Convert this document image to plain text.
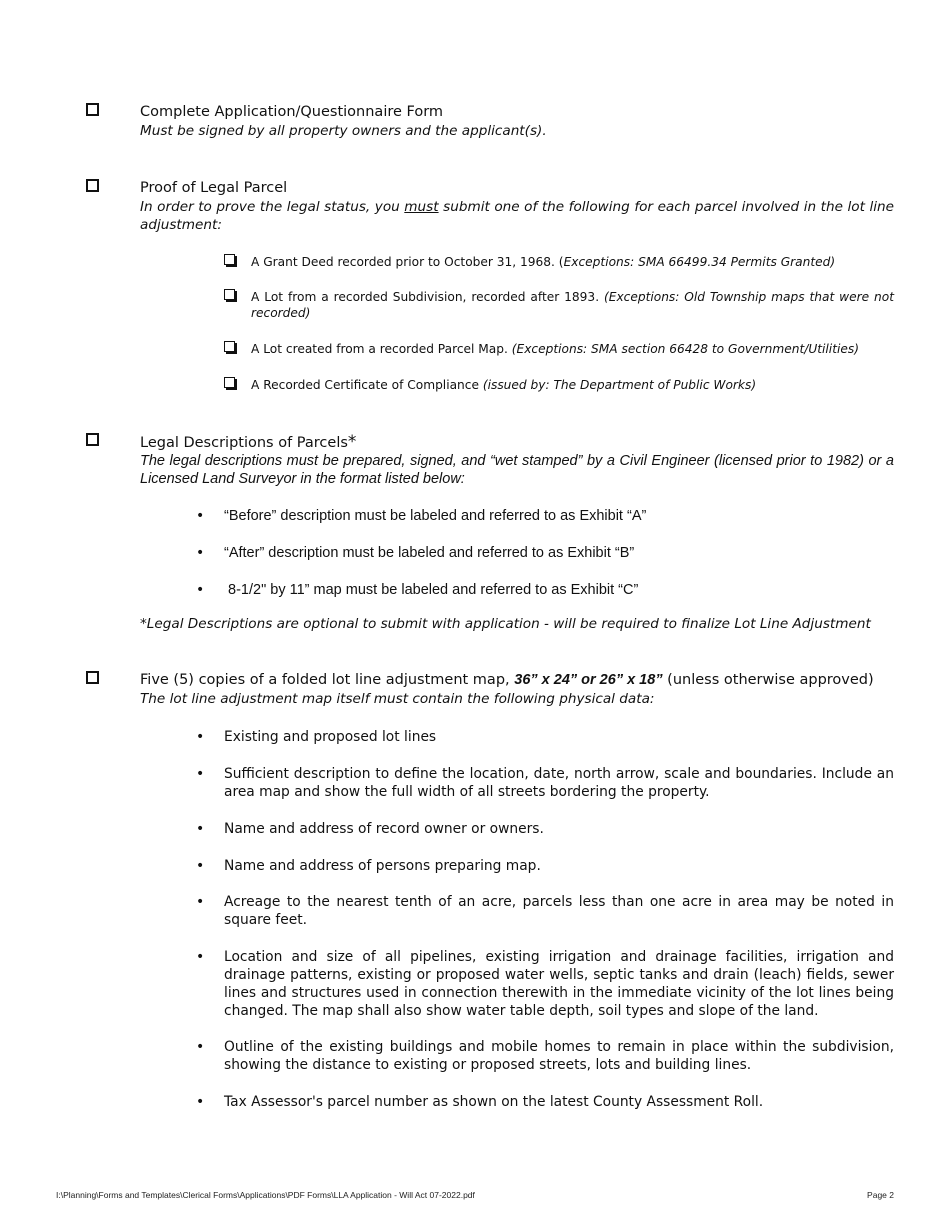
Complete Application/Questionnaire Form
Must be signed by all property owners and the applicant(s).
Proof of Legal Parcel
In order to prove the legal status, you must submit one of the following for each parcel involved in the lot line adjustment:
A Grant Deed recorded prior to October 31, 1968. (Exceptions: SMA 66499.34 Permits Granted)
A Lot from a recorded Subdivision, recorded after 1893. (Exceptions: Old Township maps that were not recorded)
A Lot created from a recorded Parcel Map. (Exceptions: SMA section 66428 to Government/Utilities)
A Recorded Certificate of Compliance (issued by: The Department of Public Works)
Legal Descriptions of Parcels*
The legal descriptions must be prepared, signed, and “wet stamped” by a Civil Engineer (licensed prior to 1982) or a Licensed Land Surveyor in the format listed below:
• “Before” description must be labeled and referred to as Exhibit “A”
• “After” description must be labeled and referred to as Exhibit “B”
• 8-1/2" by 11” map must be labeled and referred to as Exhibit “C”
*Legal Descriptions are optional to submit with application - will be required to finalize Lot Line Adjustment
Five (5) copies of a folded lot line adjustment map, 36” x 24” or 26” x 18” (unless otherwise approved)
The lot line adjustment map itself must contain the following physical data:
• Existing and proposed lot lines
• Sufficient description to define the location, date, north arrow, scale and boundaries. Include an area map and show the full width of all streets bordering the property.
• Name and address of record owner or owners.
• Name and address of persons preparing map.
• Acreage to the nearest tenth of an acre, parcels less than one acre in area may be noted in square feet.
• Location and size of all pipelines, existing irrigation and drainage facilities, irrigation and drainage patterns, existing or proposed water wells, septic tanks and drain (leach) fields, sewer lines and structures used in connection therewith in the immediate vicinity of the lot lines being changed. The map shall also show water table depth, soil types and slope of the land.
• Outline of the existing buildings and mobile homes to remain in place within the subdivision, showing the distance to existing or proposed streets, lots and building lines.
• Tax Assessor's parcel number as shown on the latest County Assessment Roll.
I:\Planning\Forms and Templates\Clerical Forms\Applications\PDF Forms\LLA Application - Will Act 07-2022.pdf	Page 2
